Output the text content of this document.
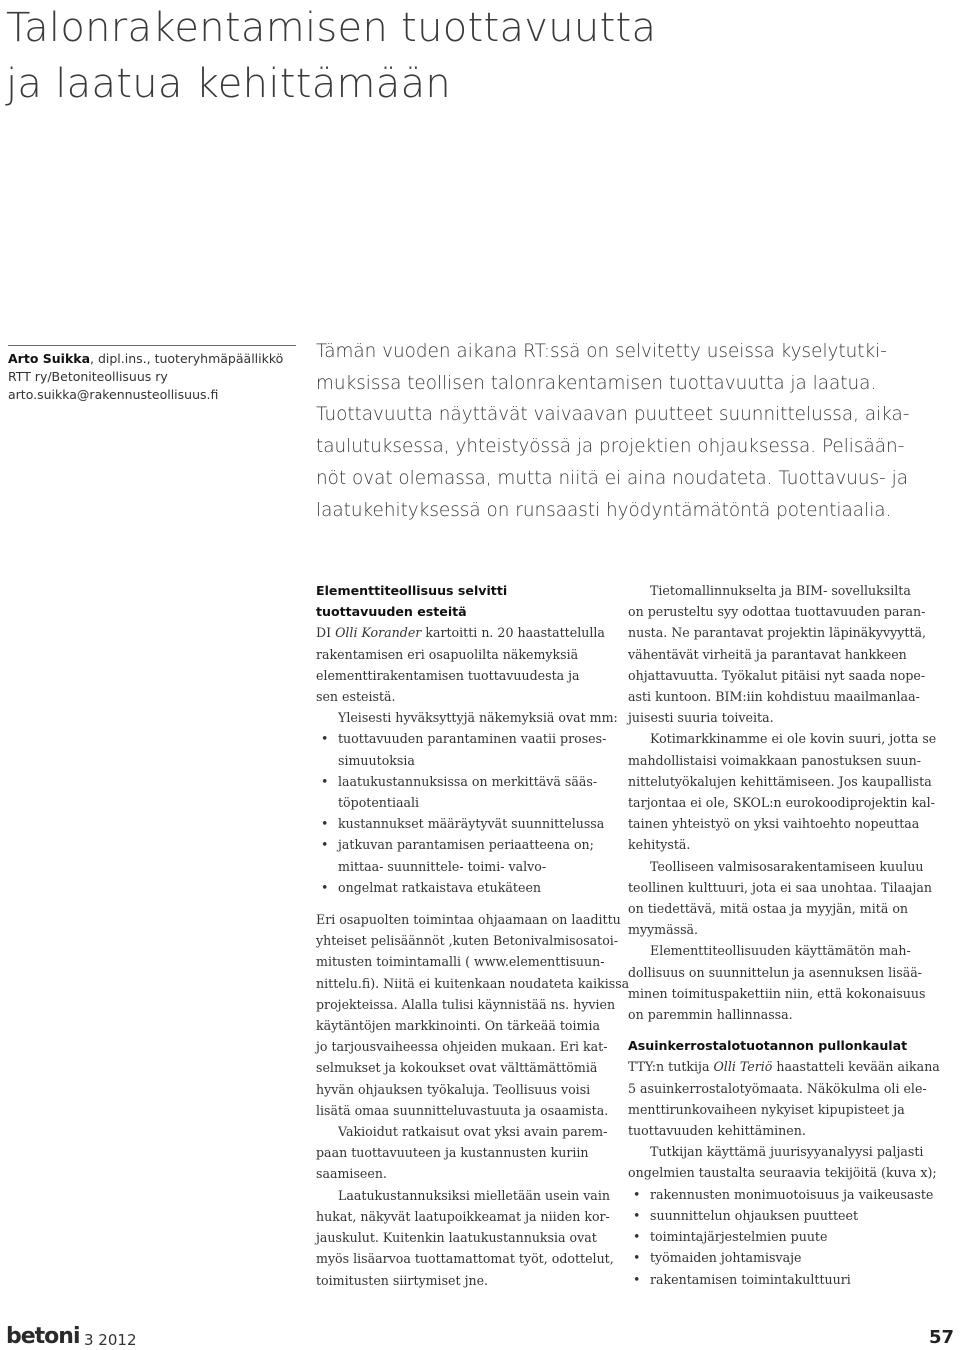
Talonrakentamisen tuottavuutta
ja laatua kehittämään
Arto Suikka, dipl.ins., tuoteryhmäpäällikkö
RTT ry/Betoniteollisuus ry
arto.suikka@rakennusteollisuus.fi
Tämän vuoden aikana RT:ssä on selvitetty useissa kyselytutki-
muksissa teollisen talonrakentamisen tuottavuutta ja laatua.
Tuottavuutta näyttävät vaivaavan puutteet suunnittelussa, aika-
taulutuksessa, yhteistyössä ja projektien ohjauksessa. Pelisään-
nöt ovat olemassa, mutta niitä ei aina noudateta. Tuottavuus- ja
laatukehityksessä on runsaasti hyödyntämätöntä potentiaalia.
Elementtiteollisuus selvitti
tuottavuuden esteitä
DI Olli Korander kartoitti n. 20 haastattelulla
rakentamisen eri osapuolilta näkemyksiä
elementtirakentamisen tuottavuudesta ja
sen esteistä.
Yleisesti hyväksyttyjä näkemyksiä ovat mm:
• tuottavuuden parantaminen vaatii proses-
simuutoksia
• laatukustannuksissa on merkittävä sääs-
töpotentiaali
• kustannukset määräytyvät suunnittelussa
• jatkuvan parantamisen periaatteena on;
mittaa- suunnittele- toimi- valvo-
• ongelmat ratkaistava etukäteen
Eri osapuolten toimintaa ohjaamaan on laadittu
yhteiset pelisäännöt ,kuten Betonivalmisosatoi-
mitusten toimintamalli ( www.elementtisuun-
nittelu.fi). Niitä ei kuitenkaan noudateta kaikissa
projekteissa. Alalla tulisi käynnistää ns. hyvien
käytäntöjen markkinointi. On tärkeää toimia
jo tarjousvaiheessa ohjeiden mukaan. Eri kat-
selmukset ja kokoukset ovat välttämättömiä
hyvän ohjauksen työkaluja. Teollisuus voisi
lisätä omaa suunnitteluvastuuta ja osaamista.
Vakioidut ratkaisut ovat yksi avain parem-
paan tuottavuuteen ja kustannusten kuriin
saamiseen.
Laatukustannuksiksi mielletään usein vain
hukat, näkyvät laatupoikkeamat ja niiden kor-
jauskulut. Kuitenkin laatukustannuksia ovat
myös lisäarvoa tuottamattomat työt, odottelut,
toimitusten siirtymiset jne.
Tietomallinnukselta ja BIM- sovelluksilta
on perusteltu syy odottaa tuottavuuden paran-
nusta. Ne parantavat projektin läpinäkyvyyttä,
vähentävät virheitä ja parantavat hankkeen
ohjattavuutta. Työkalut pitäisi nyt saada nope-
asti kuntoon. BIM:iin kohdistuu maailmanlaa-
juisesti suuria toiveita.
Kotimarkkinamme ei ole kovin suuri, jotta se
mahdollistaisi voimakkaan panostuksen suun-
nittelutyökalujen kehittämiseen. Jos kaupallista
tarjontaa ei ole, SKOL:n eurokoodiprojektin kal-
tainen yhteistyö on yksi vaihtoehto nopeuttaa
kehitystä.
Teolliseen valmisosarakentamiseen kuuluu
teollinen kulttuuri, jota ei saa unohtaa. Tilaajan
on tiedettävä, mitä ostaa ja myyjän, mitä on
myymässä.
Elementtiteollisuuden käyttämätön mah-
dollisuus on suunnittelun ja asennuksen lisää-
minen toimituspakettiin niin, että kokonaisuus
on paremmin hallinnassa.
Asuinkerrostalotuotannon pullonkaulat
TTY:n tutkija Olli Teriö haastatteli kevään aikana
5 asuinkerrostalotyömaata. Näkökulma oli ele-
menttirunkovaiheen nykyiset kipupisteet ja
tuottavuuden kehittäminen.
Tutkijan käyttämä juurisyyanalyysi paljasti
ongelmien taustalta seuraavia tekijöitä (kuva x);
• rakennusten monimuotoisuus ja vaikeusaste
• suunnittelun ohjauksen puutteet
• toimintajärjestelmien puute
• työmaiden johtamisvaje
• rakentamisen toimintakulttuuri
betoni 3 2012	57
